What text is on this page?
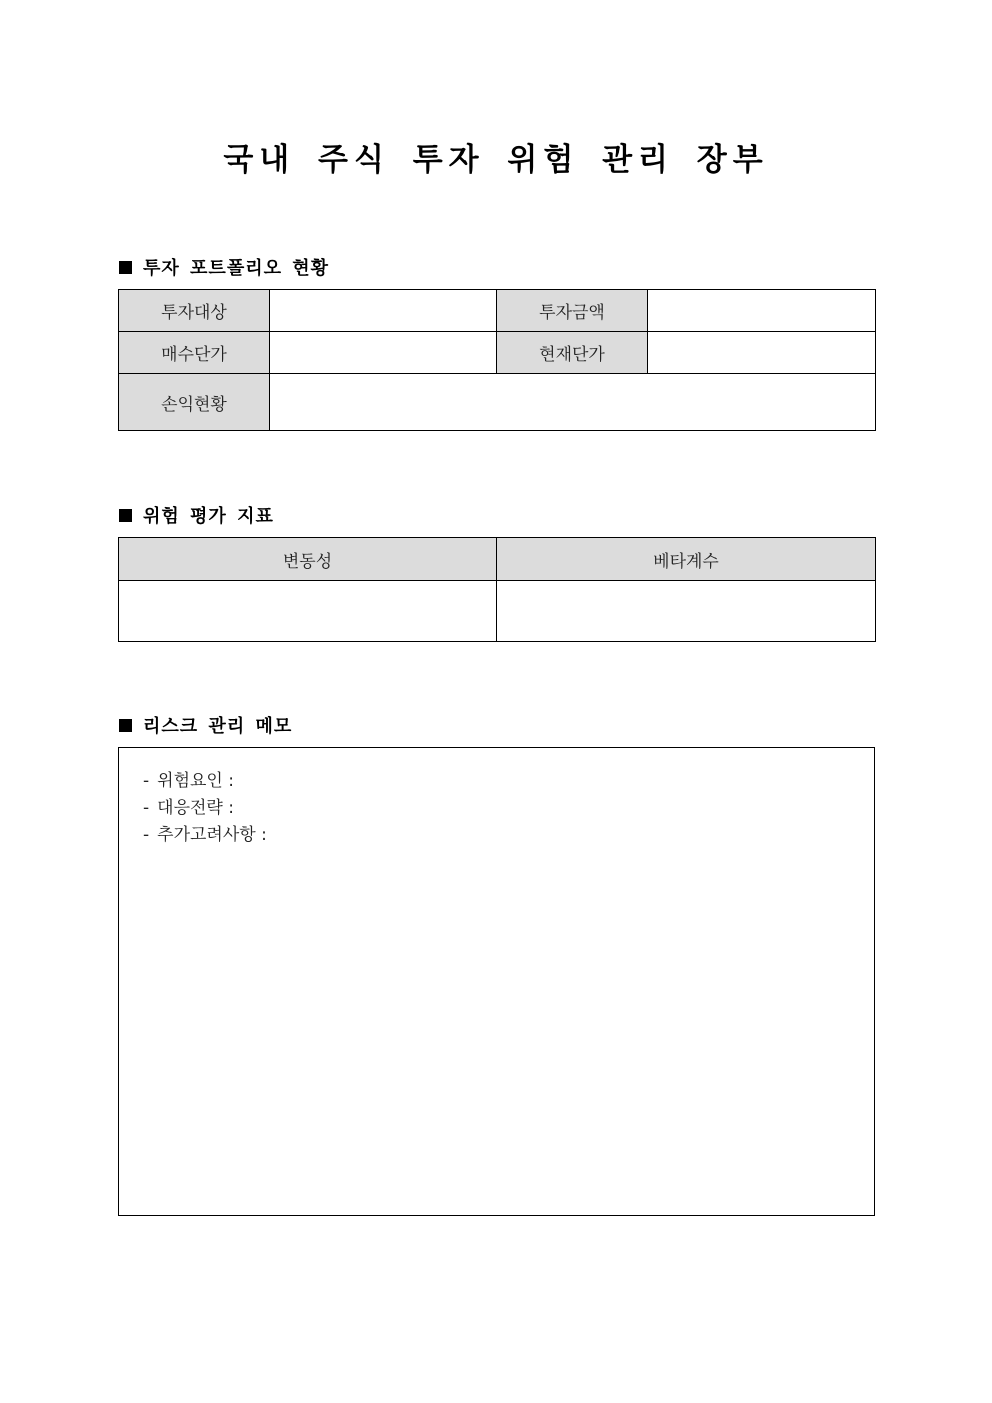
국내 주식 투자 위험 관리 장부
투자 포트폴리오 현황
투자대상		투자금액	
매수단가		현재단가	
손익현황			
위험 평가 지표
변동성	베타계수

리스크 관리 메모
- 위험요인 :
- 대응전략 :
- 추가고려사항 :
